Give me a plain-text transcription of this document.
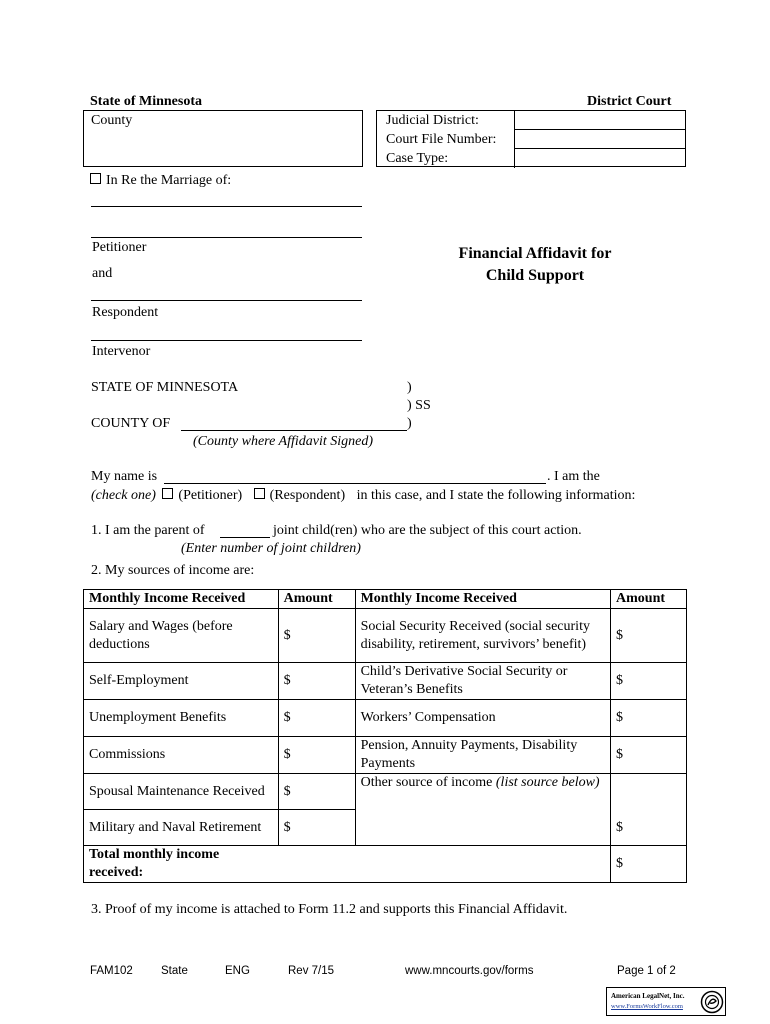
State of Minnesota	District Court
County	Judicial District:
Court File Number:
Case Type:
In Re the Marriage of:
Petitioner
and
Respondent
Intervenor
Financial Affidavit for
Child Support
STATE OF MINNESOTA	)
) SS
COUNTY OF	)
(County where Affidavit Signed)
My name is	. I am the
(check one) (Petitioner) (Respondent) in this case, and I state the following information:
1. I am the parent of	joint child(ren) who are the subject of this court action.
(Enter number of joint children)
2. My sources of income are:
Monthly Income Received	Amount	Monthly Income Received	Amount
Salary and Wages (before deductions	$	Social Security Received (social security disability, retirement, survivors’ benefit)	$
Self-Employment	$	Child’s Derivative Social Security or Veteran’s Benefits	$
Unemployment Benefits	$	Workers’ Compensation	$
Commissions	$	Pension, Annuity Payments, Disability Payments	$
Spousal Maintenance Received	$	Other source of income (list source below)	$
Military and Naval Retirement	$		
Total monthly income received:			$
3. Proof of my income is attached to Form 11.2 and supports this Financial Affidavit.
FAM102 State	ENG	Rev 7/15	www.mncourts.gov/forms	Page 1 of 2
American LegalNet, Inc.
www.FormsWorkFlow.com
